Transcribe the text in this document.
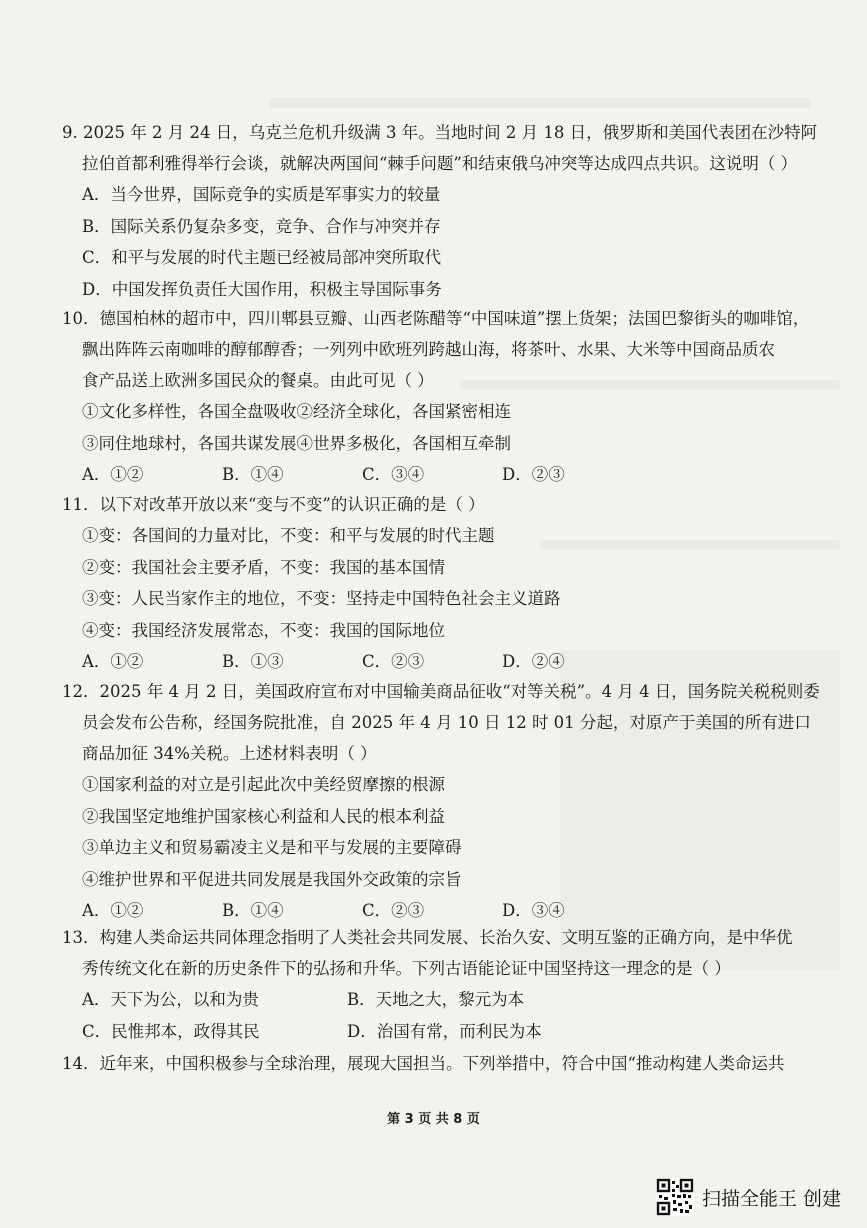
9. 2025 年 2 月 24 日，乌克兰危机升级满 3 年。当地时间 2 月 18 日，俄罗斯和美国代表团在沙特阿
拉伯首都利雅得举行会谈，就解决两国间“棘手问题”和结束俄乌冲突等达成四点共识。这说明（ ）

A．当今世界，国际竞争的实质是军事实力的较量

B．国际关系仍复杂多变，竞争、合作与冲突并存

C．和平与发展的时代主题已经被局部冲突所取代

D．中国发挥负责任大国作用，积极主导国际事务

10．德国柏林的超市中，四川郫县豆瓣、山西老陈醋等“中国味道”摆上货架；法国巴黎街头的咖啡馆，
飘出阵阵云南咖啡的醇郁醇香；一列列中欧班列跨越山海，将茶叶、水果、大米等中国商品质农
食产品送上欧洲多国民众的餐桌。由此可见（ ）

①文化多样性，各国全盘吸收②经济全球化，各国紧密相连

③同住地球村，各国共谋发展④世界多极化，各国相互牵制

A．①②	B．①④	C．③④	D．②③

11．以下对改革开放以来“变与不变”的认识正确的是（ ）

①变：各国间的力量对比，不变：和平与发展的时代主题

②变：我国社会主要矛盾，不变：我国的基本国情

③变：人民当家作主的地位，不变：坚持走中国特色社会主义道路

④变：我国经济发展常态，不变：我国的国际地位

A．①②	B．①③	C．②③	D．②④

12．2025 年 4 月 2 日，美国政府宣布对中国输美商品征收“对等关税”。4 月 4 日，国务院关税税则委
员会发布公告称，经国务院批准，自 2025 年 4 月 10 日 12 时 01 分起，对原产于美国的所有进口
商品加征 34%关税。上述材料表明（ ）

①国家利益的对立是引起此次中美经贸摩擦的根源

②我国坚定地维护国家核心利益和人民的根本利益

③单边主义和贸易霸凌主义是和平与发展的主要障碍

④维护世界和平促进共同发展是我国外交政策的宗旨

A．①②	B．①④	C．②③	D．③④

13．构建人类命运共同体理念指明了人类社会共同发展、长治久安、文明互鉴的正确方向，是中华优
秀传统文化在新的历史条件下的弘扬和升华。下列古语能论证中国坚持这一理念的是（ ）

A．天下为公，以和为贵	B．天地之大，黎元为本
C．民惟邦本，政得其民	D．治国有常，而利民为本

14．近年来，中国积极参与全球治理，展现大国担当。下列举措中，符合中国“推动构建人类命运共

第 3 页 共 8 页
扫描全能王 创建
